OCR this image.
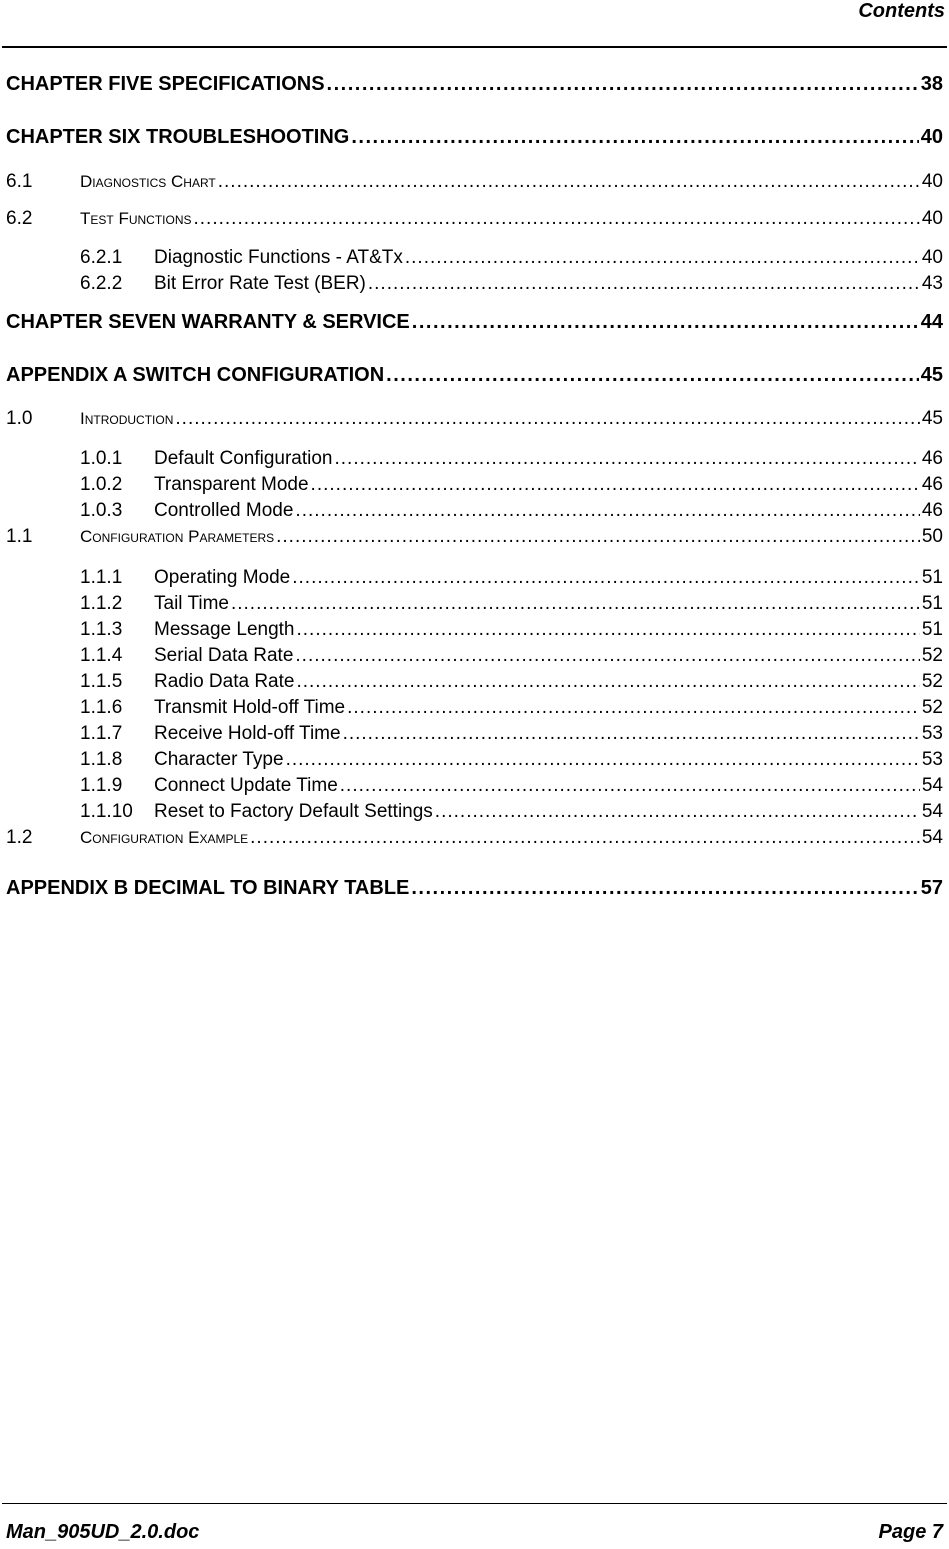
Contents
CHAPTER FIVE SPECIFICATIONS .....	38
CHAPTER SIX TROUBLESHOOTING .....	40
6.1	Diagnostics Chart .....	40
6.2	Test Functions .....	40
6.2.1	Diagnostic Functions - AT&Tx .....	40
6.2.2	Bit Error Rate Test (BER) .....	43
CHAPTER SEVEN WARRANTY & SERVICE .....	44
APPENDIX A SWITCH CONFIGURATION .....	45
1.0	Introduction .....	45
1.0.1	Default Configuration .....	46
1.0.2	Transparent Mode .....	46
1.0.3	Controlled Mode .....	46
1.1	Configuration Parameters .....	50
1.1.1	Operating Mode .....	51
1.1.2	Tail Time .....	51
1.1.3	Message Length .....	51
1.1.4	Serial Data Rate .....	52
1.1.5	Radio Data Rate .....	52
1.1.6	Transmit Hold-off Time .....	52
1.1.7	Receive Hold-off Time .....	53
1.1.8	Character Type .....	53
1.1.9	Connect Update Time .....	54
1.1.10	Reset to Factory Default Settings .....	54
1.2	Configuration Example .....	54
APPENDIX B DECIMAL TO BINARY TABLE .....	57
Man_905UD_2.0.doc	Page 7
